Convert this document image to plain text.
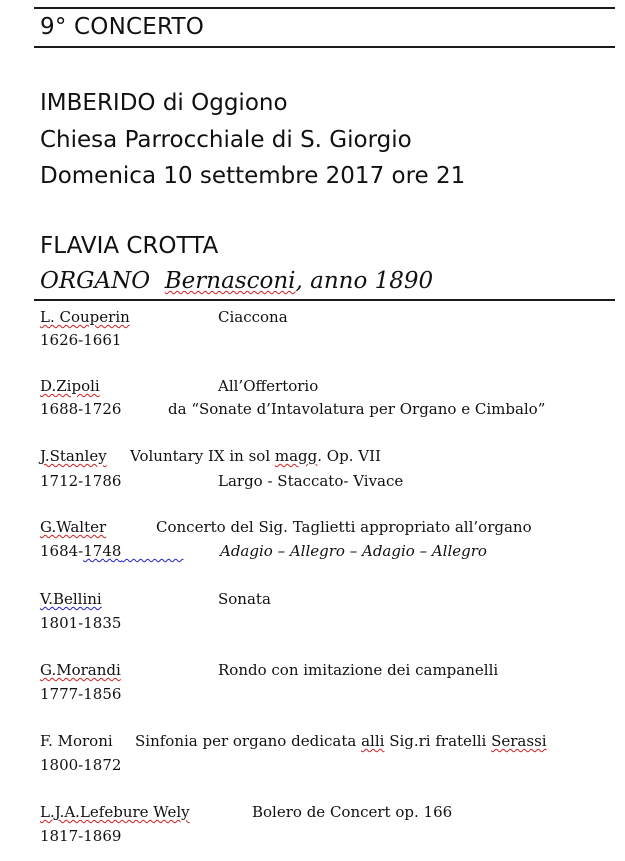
9° CONCERTO
IMBERIDO di Oggiono
Chiesa Parrocchiale di S. Giorgio
Domenica 10 settembre 2017 ore 21
FLAVIA CROTTA
ORGANO Bernasconi, anno 1890
L. Couperin	Ciaccona
1626-1661
D.Zipoli	All’Offertorio
1688-1726	da “Sonate d’Intavolatura per Organo e Cimbalo”
J.Stanley Voluntary IX in sol magg. Op. VII
1712-1786	Largo - Staccato- Vivace
G.Walter	Concerto del Sig. Taglietti appropriato all’organo
1684-1748	Adagio – Allegro – Adagio – Allegro
V.Bellini	Sonata
1801-1835
G.Morandi	Rondo con imitazione dei campanelli
1777-1856
F. Moroni Sinfonia per organo dedicata alli Sig.ri fratelli Serassi
1800-1872
L.J.A.Lefebure Wely	Bolero de Concert op. 166
1817-1869
